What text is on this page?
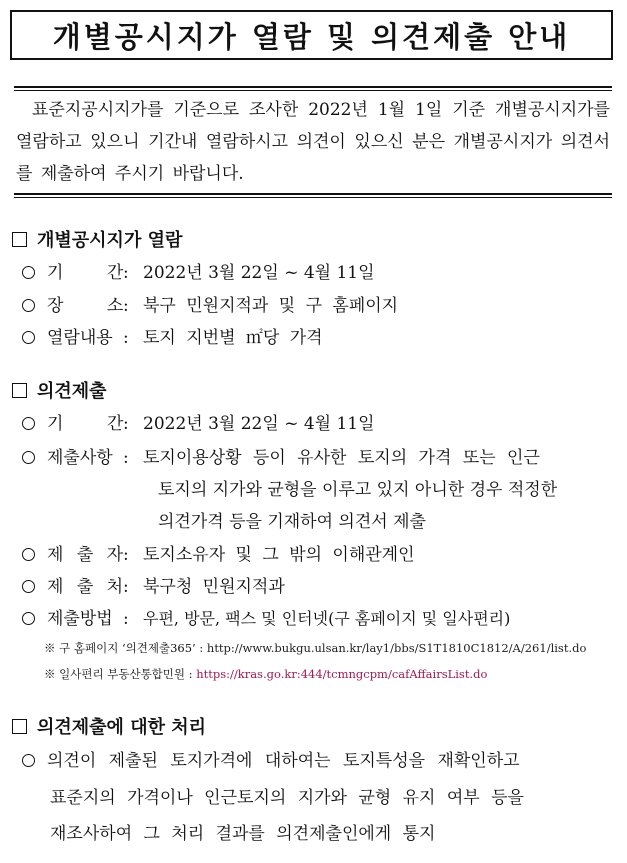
개별공시지가 열람 및 의견제출 안내
표준지공시지가를 기준으로 조사한 2022년 1월 1일 기준 개별공시지가를 열람하고 있으니 기간내 열람하시고 의견이 있으신 분은 개별공시지가 의견서를 제출하여 주시기 바랍니다.
개별공시지가 열람
기 간 : 2022년 3월 22일 ~ 4월 11일
장 소 : 북구 민원지적과 및 구 홈페이지
열람내용 : 토지 지번별 ㎡당 가격
의견제출
기 간 : 2022년 3월 22일 ~ 4월 11일
제출사항 : 토지이용상황 등이 유사한 토지의 가격 또는 인근
토지의 지가와 균형을 이루고 있지 아니한 경우 적정한
의견가격 등을 기재하여 의견서 제출
제 출 자 : 토지소유자 및 그 밖의 이해관계인
제 출 처 : 북구청 민원지적과
제출방법 : 우편, 방문, 팩스 및 인터넷(구 홈페이지 및 일사편리)
※ 구 홈페이지 ‘의견제출365’ : http://www.bukgu.ulsan.kr/lay1/bbs/S1T1810C1812/A/261/list.do
※ 일사편리 부동산통합민원 : https://kras.go.kr:444/tcmngcpm/cafAffairsList.do
의견제출에 대한 처리
의견이 제출된 토지가격에 대하여는 토지특성을 재확인하고
표준지의 가격이나 인근토지의 지가와 균형 유지 여부 등을
재조사하여 그 처리 결과를 의견제출인에게 통지
